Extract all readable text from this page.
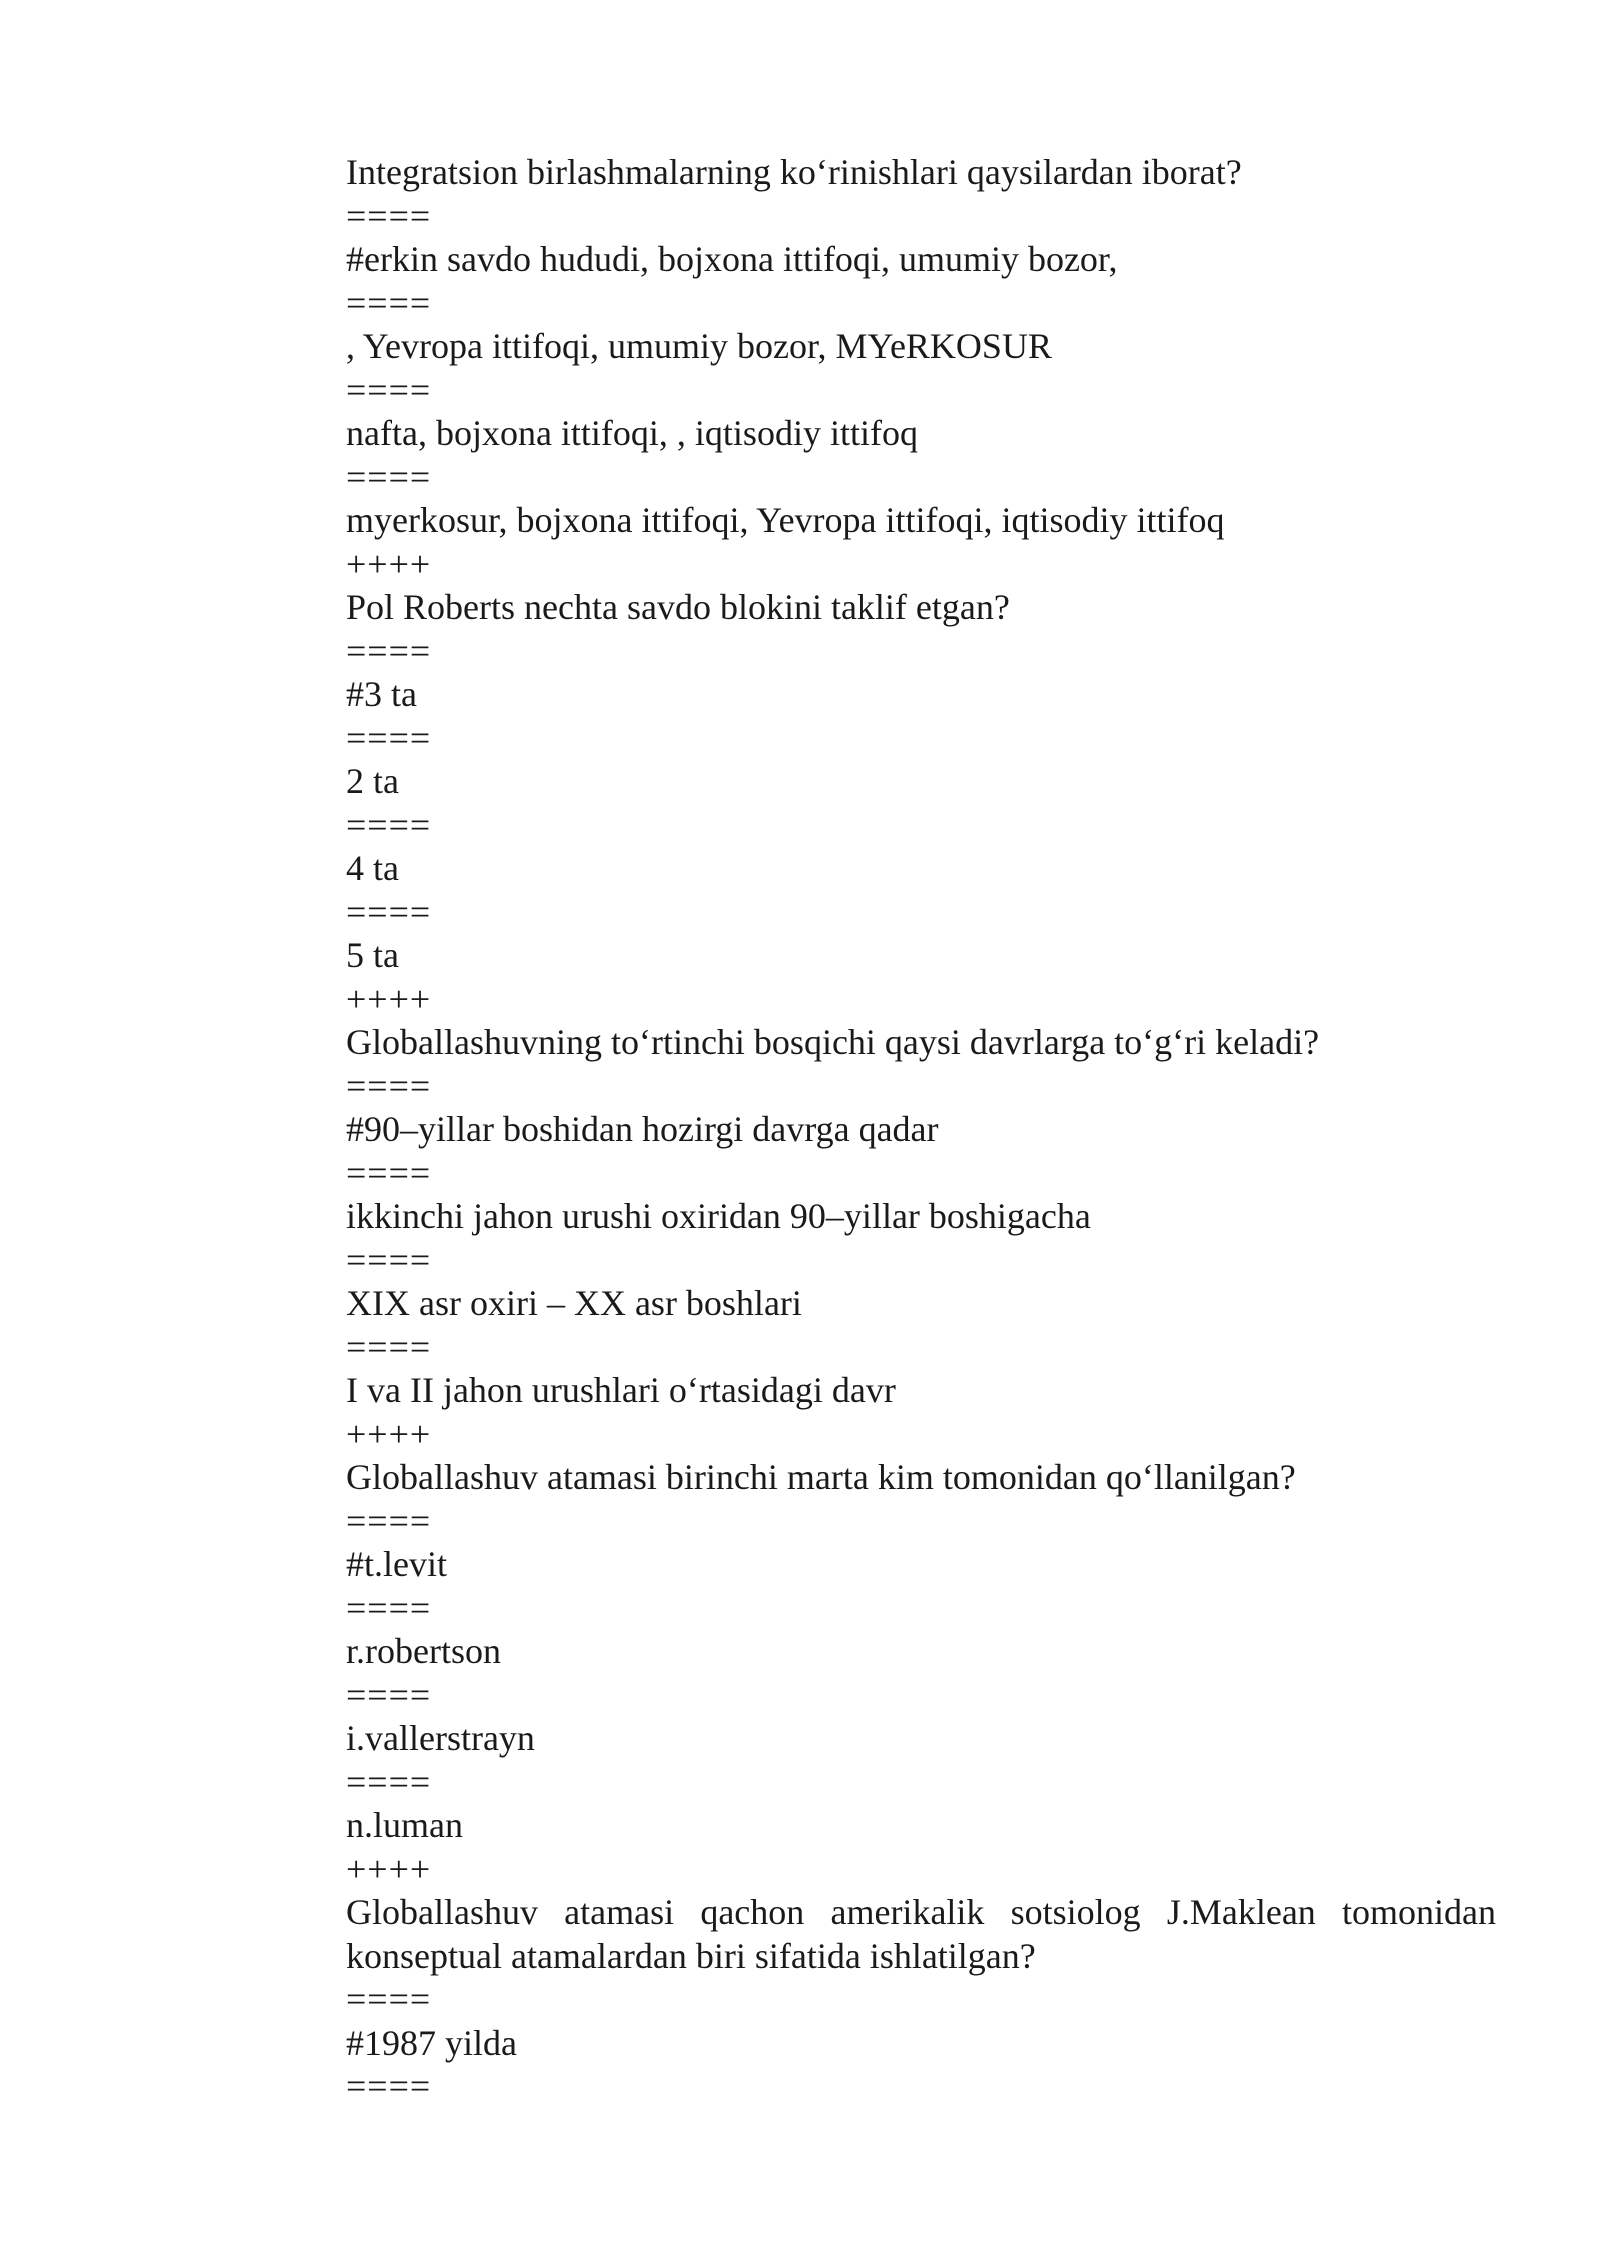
Integratsion birlashmalarning ko‘rinishlari qaysilardan iborat?
====
#erkin savdo hududi, bojxona ittifoqi, umumiy bozor,
====
, Yevropa ittifoqi, umumiy bozor, MYeRKOSUR
====
nafta, bojxona ittifoqi, , iqtisodiy ittifoq
====
myerkosur, bojxona ittifoqi, Yevropa ittifoqi, iqtisodiy ittifoq
++++
Pol Roberts nechta savdo blokini taklif etgan?
====
#3 ta
====
2 ta
====
4 ta
====
5 ta
++++
Globallashuvning to‘rtinchi bosqichi qaysi davrlarga to‘g‘ri keladi?
====
#90–yillar boshidan hozirgi davrga qadar
====
ikkinchi jahon urushi oxiridan 90–yillar boshigacha
====
XIX asr oxiri – XX asr boshlari
====
I va II jahon urushlari o‘rtasidagi davr
++++
Globallashuv atamasi birinchi marta kim tomonidan qo‘llanilgan?
====
#t.levit
====
r.robertson
====
i.vallerstrayn
====
n.luman
++++
Globallashuv atamasi qachon amerikalik sotsiolog J.Maklean tomonidan konseptual atamalardan biri sifatida ishlatilgan?
====
#1987 yilda
====
